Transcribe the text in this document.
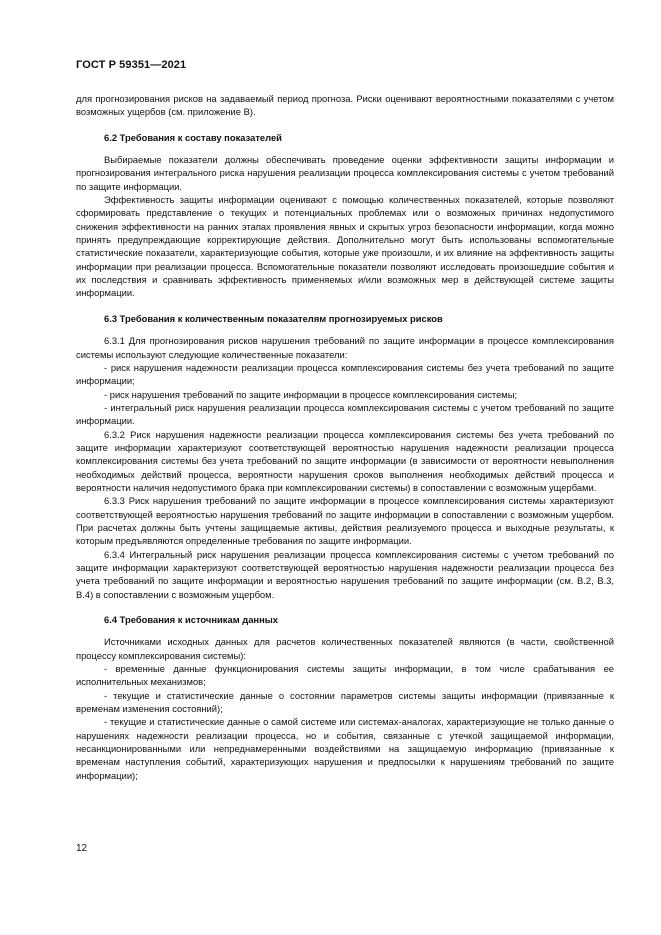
ГОСТ Р 59351—2021

для прогнозирования рисков на задаваемый период прогноза. Риски оценивают вероятностными показателями с учетом возможных ущербов (см. приложение В).

6.2 Требования к составу показателей

Выбираемые показатели должны обеспечивать проведение оценки эффективности защиты информации и прогнозирования интегрального риска нарушения реализации процесса комплексирования системы с учетом требований по защите информации.

Эффективность защиты информации оценивают с помощью количественных показателей, которые позволяют сформировать представление о текущих и потенциальных проблемах или о возможных причинах недопустимого снижения эффективности на ранних этапах проявления явных и скрытых угроз безопасности информации, когда можно принять предупреждающие корректирующие действия. Дополнительно могут быть использованы вспомогательные статистические показатели, характеризующие события, которые уже произошли, и их влияние на эффективность защиты информации при реализации процесса. Вспомогательные показатели позволяют исследовать произошедшие события и их последствия и сравнивать эффективность применяемых и/или возможных мер в действующей системе защиты информации.

6.3 Требования к количественным показателям прогнозируемых рисков

6.3.1 Для прогнозирования рисков нарушения требований по защите информации в процессе комплексирования системы используют следующие количественные показатели:

- риск нарушения надежности реализации процесса комплексирования системы без учета требований по защите информации;

- риск нарушения требований по защите информации в процессе комплексирования системы;

- интегральный риск нарушения реализации процесса комплексирования системы с учетом требований по защите информации.

6.3.2 Риск нарушения надежности реализации процесса комплексирования системы без учета требований по защите информации характеризуют соответствующей вероятностью нарушения надежности реализации процесса комплексирования системы без учета требований по защите информации (в зависимости от вероятности невыполнения необходимых действий процесса, вероятности нарушения сроков выполнения необходимых действий процесса и вероятности наличия недопустимого брака при комплексировании системы) в сопоставлении с возможным ущербами.

6.3.3 Риск нарушения требований по защите информации в процессе комплексирования системы характеризуют соответствующей вероятностью нарушения требований по защите информации в сопоставлении с возможным ущербом. При расчетах должны быть учтены защищаемые активы, действия реализуемого процесса и выходные результаты, к которым предъявляются определенные требования по защите информации.

6.3.4 Интегральный риск нарушения реализации процесса комплексирования системы с учетом требований по защите информации характеризуют соответствующей вероятностью нарушения надежности реализации процесса без учета требований по защите информации и вероятностью нарушения требований по защите информации (см. В.2, В.3, В.4) в сопоставлении с возможным ущербом.

6.4 Требования к источникам данных

Источниками исходных данных для расчетов количественных показателей являются (в части, свойственной процессу комплексирования системы):

- временные данные функционирования системы защиты информации, в том числе срабатывания ее исполнительных механизмов;

- текущие и статистические данные о состоянии параметров системы защиты информации (привязанные к временам изменения состояний);

- текущие и статистические данные о самой системе или системах-аналогах, характеризующие не только данные о нарушениях надежности реализации процесса, но и события, связанные с утечкой защищаемой информации, несанкционированными или непреднамеренными воздействиями на защищаемую информацию (привязанные к временам наступления событий, характеризующих нарушения и предпосылки к нарушениям требований по защите информации);

12
